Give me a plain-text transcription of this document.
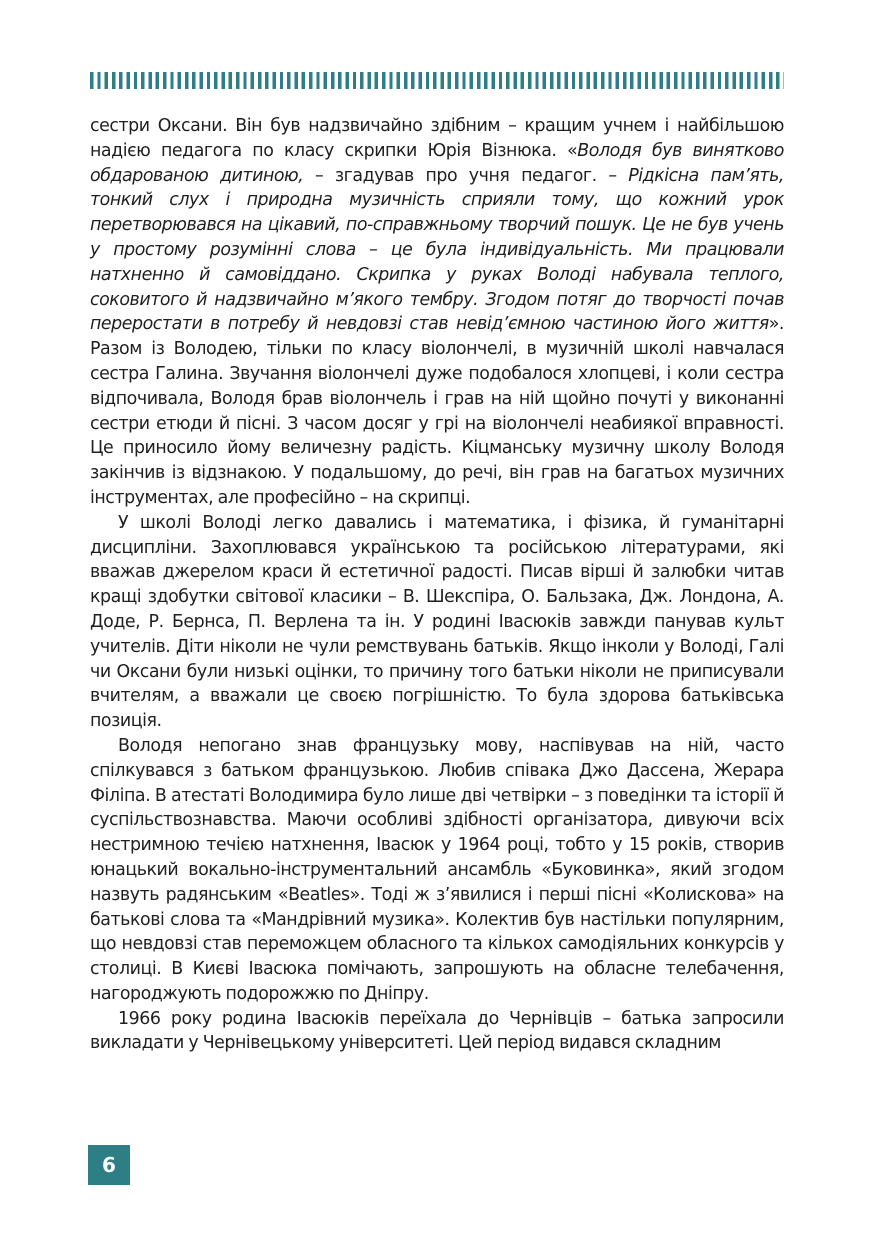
сестри Оксани. Він був надзвичайно здібним – кращим учнем і найбільшою надією педагога по класу скрипки Юрія Візнюка. «Володя був винятково обдарованою дитиною, – згадував про учня педагог. – Рідкісна пам’ять, тонкий слух і природна музичність сприяли тому, що кожний урок перетворювався на цікавий, по-справжньому творчий пошук. Це не був учень у простому розумінні слова – це була індивідуальність. Ми працювали натхненно й самовіддано. Скрипка у руках Володі набувала теплого, соковитого й надзвичайно м’якого тембру. Згодом потяг до творчості почав переростати в потребу й невдовзі став невід’ємною частиною його життя». Разом із Володею, тільки по класу віолончелі, в музичній школі навчалася сестра Галина. Звучання віолончелі дуже подобалося хлопцеві, і коли сестра відпочивала, Володя брав віолончель і грав на ній щойно почуті у виконанні сестри етюди й пісні. З часом досяг у грі на віолончелі неабиякої вправності. Це приносило йому величезну радість. Кіцманську музичну школу Володя закінчив із відзнакою. У подальшому, до речі, він грав на багатьох музичних інструментах, але професійно – на скрипці.

У школі Володі легко давались і математика, і фізика, й гуманітарні дисципліни. Захоплювався українською та російською літературами, які вважав джерелом краси й естетичної радості. Писав вірші й залюбки читав кращі здобутки світової класики – В. Шекспіра, О. Бальзака, Дж. Лондона, А. Доде, Р. Бернса, П. Верлена та ін. У родині Івасюків завжди панував культ учителів. Діти ніколи не чули ремствувань батьків. Якщо інколи у Володі, Галі чи Оксани були низькі оцінки, то причину того батьки ніколи не приписували вчителям, а вважали це своєю погрішністю. То була здорова батьківська позиція.

Володя непогано знав французьку мову, наспівував на ній, часто спілкувався з батьком французькою. Любив співака Джо Дассена, Жерара Філіпа. В атестаті Володимира було лише дві четвірки – з поведінки та історії й суспільствознавства. Маючи особливі здібності організатора, дивуючи всіх нестримною течією натхнення, Івасюк у 1964 році, тобто у 15 років, створив юнацький вокально-інструментальний ансамбль «Буковинка», який згодом назвуть радянським «Beatles». Тоді ж з’явилися і перші пісні «Колискова» на батькові слова та «Мандрівний музика». Колектив був настільки популярним, що невдовзі став переможцем обласного та кількох самодіяльних конкурсів у столиці. В Києві Івасюка помічають, запрошують на обласне телебачення, нагороджують подорожжю по Дніпру.

1966 року родина Івасюків переїхала до Чернівців – батька запросили викладати у Чернівецькому університеті. Цей період видався складним

6
